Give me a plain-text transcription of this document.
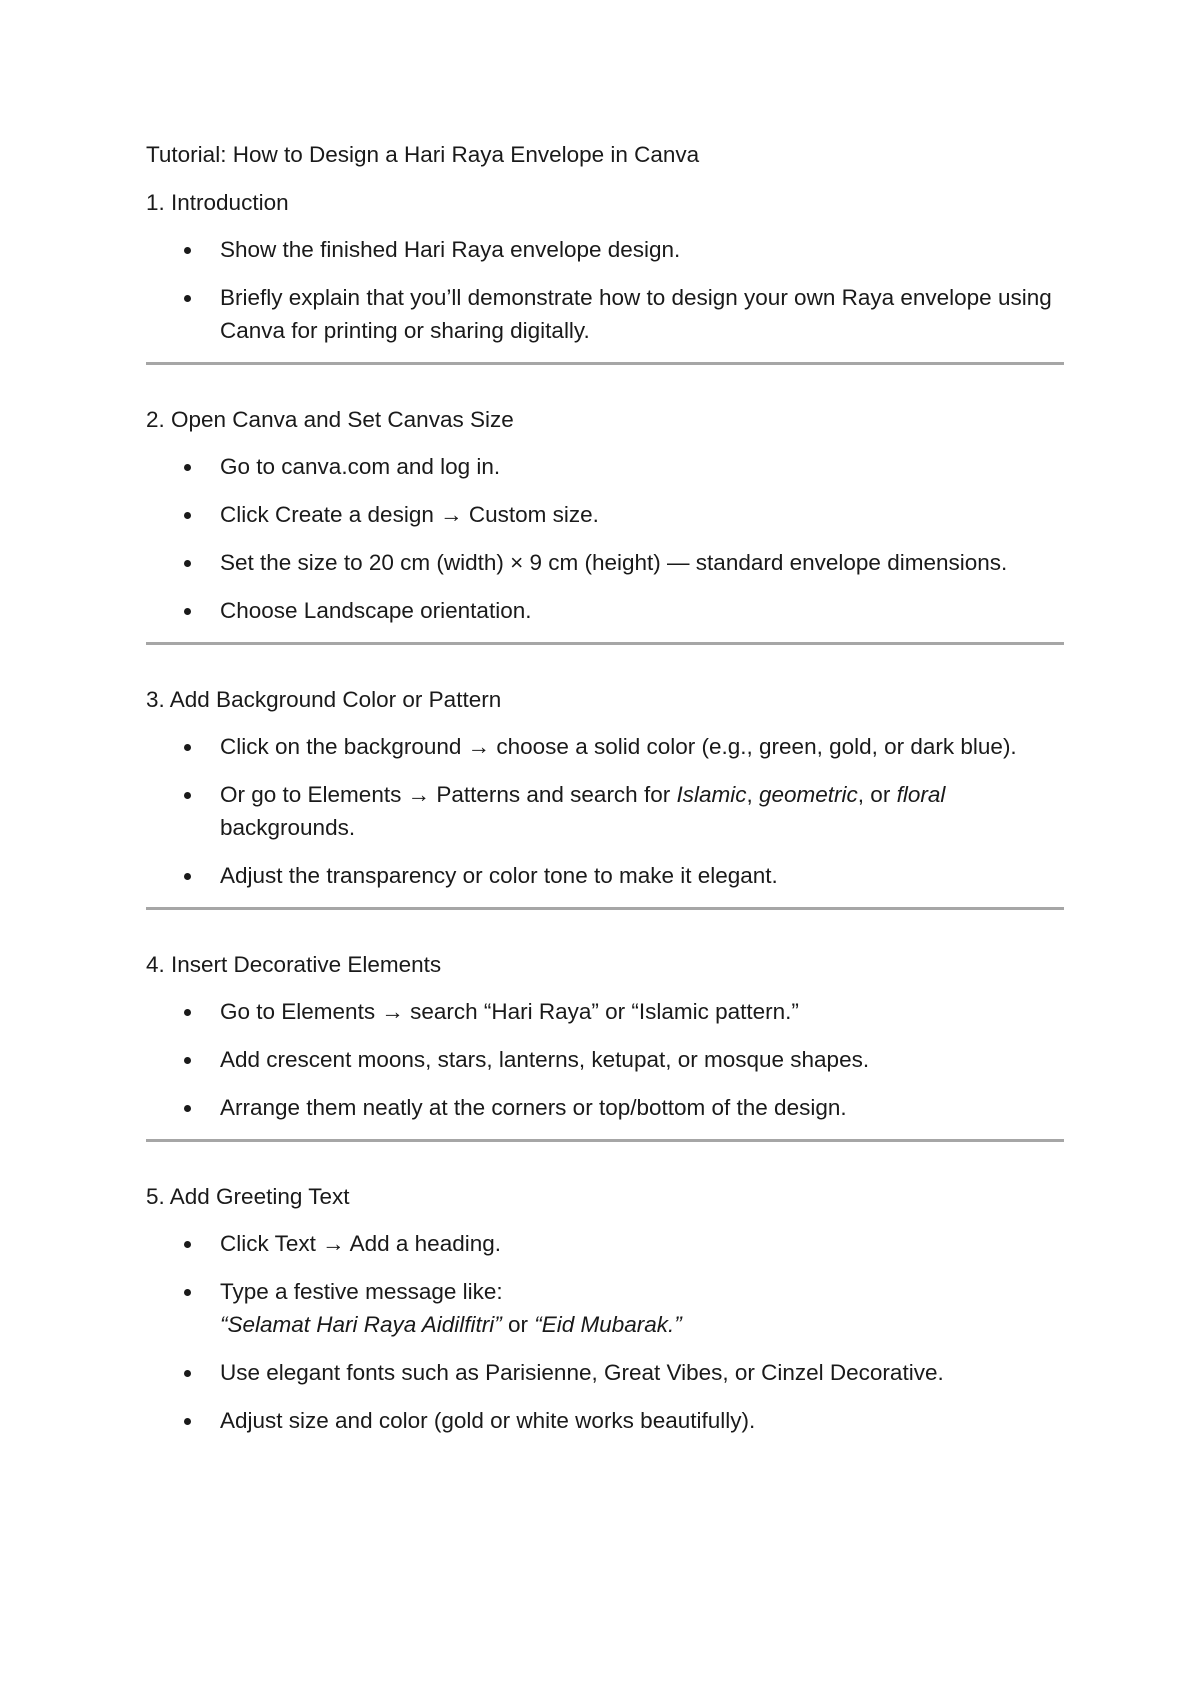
Tutorial: How to Design a Hari Raya Envelope in Canva
1. Introduction
Show the finished Hari Raya envelope design.
Briefly explain that you’ll demonstrate how to design your own Raya envelope using Canva for printing or sharing digitally.
2. Open Canva and Set Canvas Size
Go to canva.com and log in.
Click Create a design → Custom size.
Set the size to 20 cm (width) × 9 cm (height) — standard envelope dimensions.
Choose Landscape orientation.
3. Add Background Color or Pattern
Click on the background → choose a solid color (e.g., green, gold, or dark blue).
Or go to Elements → Patterns and search for Islamic, geometric, or floral backgrounds.
Adjust the transparency or color tone to make it elegant.
4. Insert Decorative Elements
Go to Elements → search “Hari Raya” or “Islamic pattern.”
Add crescent moons, stars, lanterns, ketupat, or mosque shapes.
Arrange them neatly at the corners or top/bottom of the design.
5. Add Greeting Text
Click Text → Add a heading.
Type a festive message like:
“Selamat Hari Raya Aidilfitri” or “Eid Mubarak.”
Use elegant fonts such as Parisienne, Great Vibes, or Cinzel Decorative.
Adjust size and color (gold or white works beautifully).
